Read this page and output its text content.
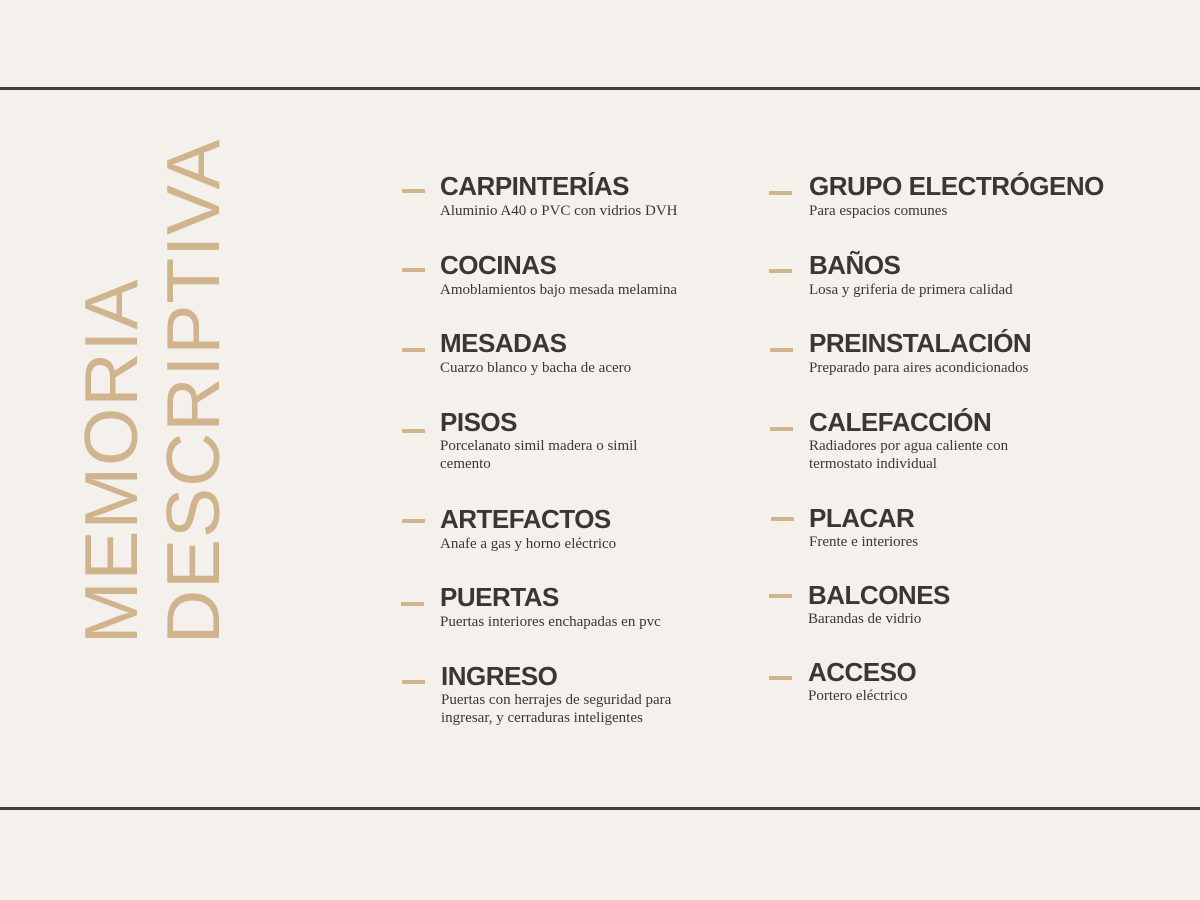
MEMORIA
DESCRIPTIVA	CARPINTERÍAS
Aluminio A40 o PVC con vidrios DVH
COCINAS
Amoblamientos bajo mesada melamina
MESADAS
Cuarzo blanco y bacha de acero
PISOS
Porcelanato simil madera o simil cemento
ARTEFACTOS
Anafe a gas y horno eléctrico
PUERTAS
Puertas interiores enchapadas en pvc
INGRESO
Puertas con herrajes de seguridad para ingresar, y cerraduras inteligentes
GRUPO ELECTRÓGENO
Para espacios comunes
BAÑOS
Losa y griferia de primera calidad
PREINSTALACIÓN
Preparado para aires acondicionados
CALEFACCIÓN
Radiadores por agua caliente con termostato individual
PLACAR
Frente e interiores
BALCONES
Barandas de vidrio
ACCESO
Portero eléctrico
